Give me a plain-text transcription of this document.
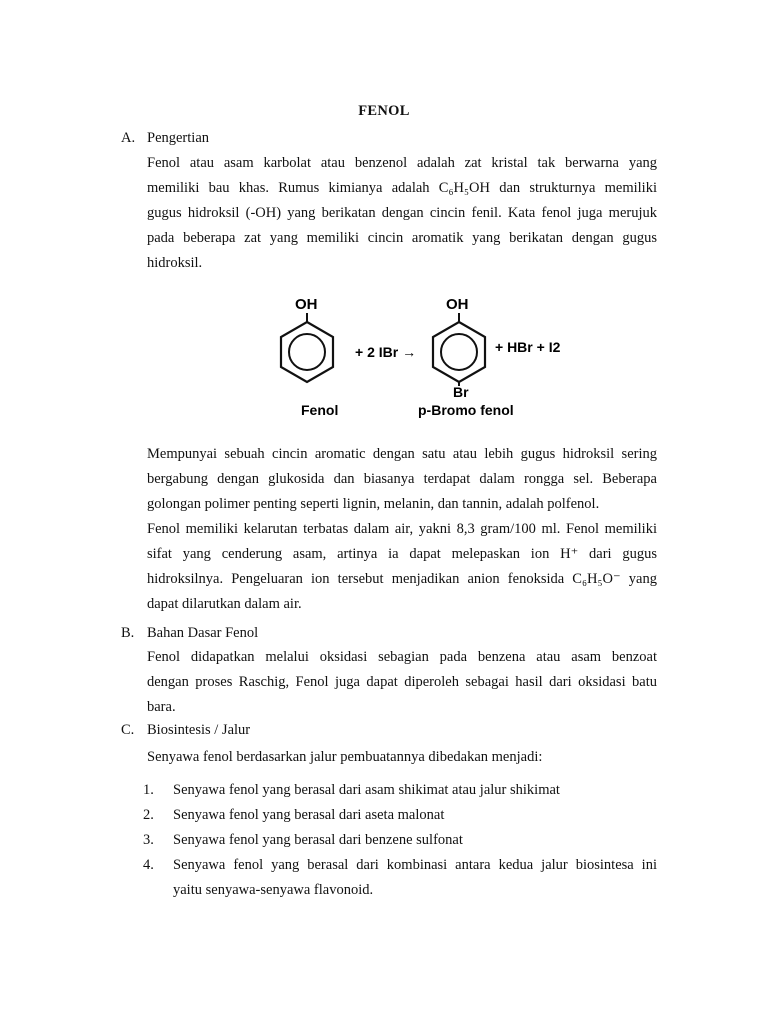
FENOL
A. Pengertian
Fenol atau asam karbolat atau benzenol adalah zat kristal tak berwarna yang
memiliki bau khas. Rumus kimianya adalah C₆H₅OH dan strukturnya memiliki
gugus hidroksil (-OH) yang berikatan dengan cincin fenil. Kata fenol juga merujuk
pada beberapa zat yang memiliki cincin aromatik yang berikatan dengan gugus
hidroksil.
OH
Fenol
+ 2 IBr →
OH
Br
+ HBr + I2
p-Bromo fenol
Mempunyai sebuah cincin aromatic dengan satu atau lebih gugus hidroksil sering
bergabung dengan glukosida dan biasanya terdapat dalam rongga sel. Beberapa
golongan polimer penting seperti lignin, melanin, dan tannin, adalah polfenol.
Fenol memiliki kelarutan terbatas dalam air, yakni 8,3 gram/100 ml. Fenol memiliki
sifat yang cenderung asam, artinya ia dapat melepaskan ion H⁺ dari gugus
hidroksilnya. Pengeluaran ion tersebut menjadikan anion fenoksida C₆H₅O⁻ yang
dapat dilarutkan dalam air.
B. Bahan Dasar Fenol
Fenol didapatkan melalui oksidasi sebagian pada benzena atau asam benzoat
dengan proses Raschig, Fenol juga dapat diperoleh sebagai hasil dari oksidasi batu
bara.
C. Biosintesis / Jalur
Senyawa fenol berdasarkan jalur pembuatannya dibedakan menjadi:
1.	Senyawa fenol yang berasal dari asam shikimat atau jalur shikimat
2.	Senyawa fenol yang berasal dari aseta malonat
3.	Senyawa fenol yang berasal dari benzene sulfonat
4.	Senyawa fenol yang berasal dari kombinasi antara kedua jalur biosintesa ini
yaitu senyawa-senyawa flavonoid.
